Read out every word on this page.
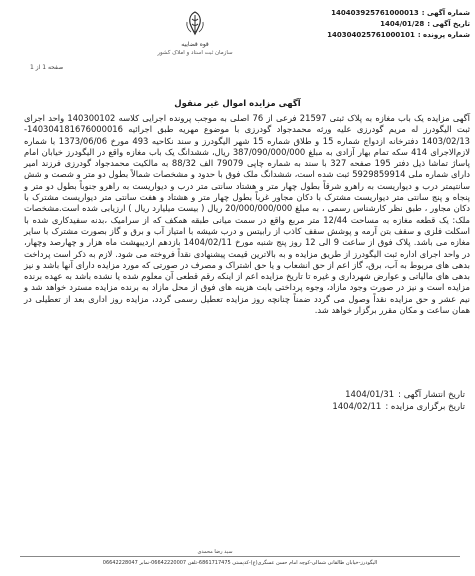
شماره آگهی :
140403925761000013
تاریخ آگهی :
1404/01/28
شماره پرونده :
140304025761000101
قوه قضاییه
سازمان ثبت اسناد و املاک کشور
صفحه 1 از 1
آگهی مزایده اموال غیر منقول
آگهی مزایده یک باب مغازه به پلاک ثبتی 21597 فرعی از 76 اصلی به موجب پرونده اجرایی کلاسه 140300102 واحد اجرای ثبت الیگودرز له مریم گودرزی علیه ورثه محمدجواد گودرزی با موضوع مهریه طبق اجرائیه 140304181676000016-1403/02/13 دفترخانه ازدواج شماره 15 و طلاق شماره 15 شهر الیگودرز و سند نکاحیه 493 مورخ 1373/06/06 با شماره لازم‌الاجرای 414 سکه تمام بهار آزادی به مبلغ 387/090/000/000 ریال، ششدانگ یک باب مغازه واقع در الیگودرز خیابان امام پاساژ تماشا ذیل دفتر 195 صفحه 327 با سند به شماره چاپی 79079 الف 88/32 به مالکیت محمدجواد گودرزی فرزند امیر دارای شماره ملی 5929859914 ثبت شده است، ششدانگ ملک فوق با حدود و مشخصات شمالاً بطول دو متر و شصت و شش سانتیمتر درب و دیواریست به راهرو شرقاً بطول چهار متر و هشتاد سانتی متر درب و دیواریست به راهرو جنوباً بطول دو متر و پنجاه و پنج سانتی متر دیواریست مشترک با دکان مجاور غرباً بطول چهار متر و هشتاد و هفت سانتی متر دیواریست مشترک با دکان مجاور ، طبق نظر کارشناس رسمی ، به مبلغ 20/000/000/000 ریال ( بیست میلیارد ریال ) ارزیابی شده است.مشخصات ملک: یک قطعه مغازه به مساحت 12/44 متر مربع واقع در سمت میانی طبقه همکف که از سرامیک ،بدنه سفیدکاری شده با اسکلت فلزی و سقف بتن آرمه و پوشش سقف کاذب از رابیتس و درب شیشه با امتیاز آب و برق و گاز بصورت مشترک با سایر مغازه می باشد. پلاک فوق از ساعت 9 الی 12 روز پنج شنبه مورخ 1404/02/11 بازدهم اردیبهشت ماه هزار و چهارصد وچهار، در واحد اجرای اداره ثبت الیگودرز از طریق مزایده و به بالاترین قیمت پیشنهادی نقداً فروخته می شود. لازم به ذکر است پرداخت بدهی های مربوط به آب، برق، گاز اعم از حق انشعاب و یا حق اشتراک و مصرف در صورتی که مورد مزایده دارای آنها باشد و نیز بدهی های مالیاتی و عوارض شهرداری و غیره تا تاریخ مزایده اعم از اینکه رقم قطعی آن معلوم شده یا نشده باشد به عهده برنده مزایده است و نیز در صورت وجود مازاد، وجوه پرداختی بابت هزینه های فوق از محل مازاد به برنده مزایده مسترد خواهد شد و نیم عشر و حق مزایده نقداً وصول می گردد ضمناً چنانچه روز مزایده تعطیل رسمی گردد، مزایده روز اداری بعد از تعطیلی در همان ساعت و مکان مقرر برگزار خواهد شد.
تاریخ انتشار آگهی :
1404/01/31
تاریخ برگزاری مزایده :
1404/02/11
سید رضا محمدی
الیگودرز-خیابان طالقانی شمالی-کوچه امام حسن عسگری(ع)-کدپستی 6861717475-تلفن 06642220007-نمابر 06642228047
